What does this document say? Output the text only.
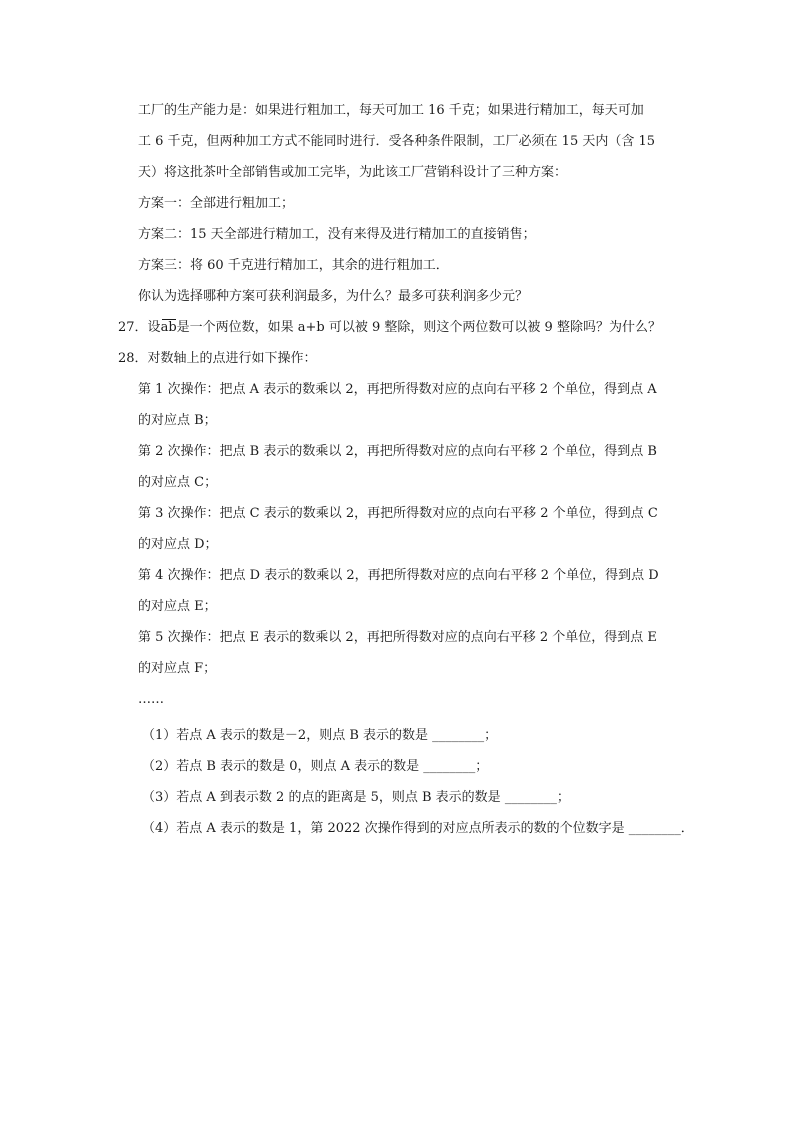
工厂的生产能力是：如果进行粗加工，每天可加工 16 千克；如果进行精加工，每天可加
工 6 千克，但两种加工方式不能同时进行．受各种条件限制，工厂必须在 15 天内（含 15
天）将这批茶叶全部销售或加工完毕，为此该工厂营销科设计了三种方案：
方案一：全部进行粗加工；
方案二：15 天全部进行精加工，没有来得及进行精加工的直接销售；
方案三：将 60 千克进行精加工，其余的进行粗加工．
你认为选择哪种方案可获利润最多，为什么？最多可获利润多少元？
27．设ab是一个两位数，如果 a+b 可以被 9 整除，则这个两位数可以被 9 整除吗？为什么？
28．对数轴上的点进行如下操作：
第 1 次操作：把点 A 表示的数乘以 2，再把所得数对应的点向右平移 2 个单位，得到点 A
的对应点 B；
第 2 次操作：把点 B 表示的数乘以 2，再把所得数对应的点向右平移 2 个单位，得到点 B
的对应点 C；
第 3 次操作：把点 C 表示的数乘以 2，再把所得数对应的点向右平移 2 个单位，得到点 C
的对应点 D；
第 4 次操作：把点 D 表示的数乘以 2，再把所得数对应的点向右平移 2 个单位，得到点 D
的对应点 E；
第 5 次操作：把点 E 表示的数乘以 2，再把所得数对应的点向右平移 2 个单位，得到点 E
的对应点 F；
……
（1）若点 A 表示的数是－2，则点 B 表示的数是 ________；
（2）若点 B 表示的数是 0，则点 A 表示的数是 ________；
（3）若点 A 到表示数 2 的点的距离是 5，则点 B 表示的数是 ________；
（4）若点 A 表示的数是 1，第 2022 次操作得到的对应点所表示的数的个位数字是 ________．
